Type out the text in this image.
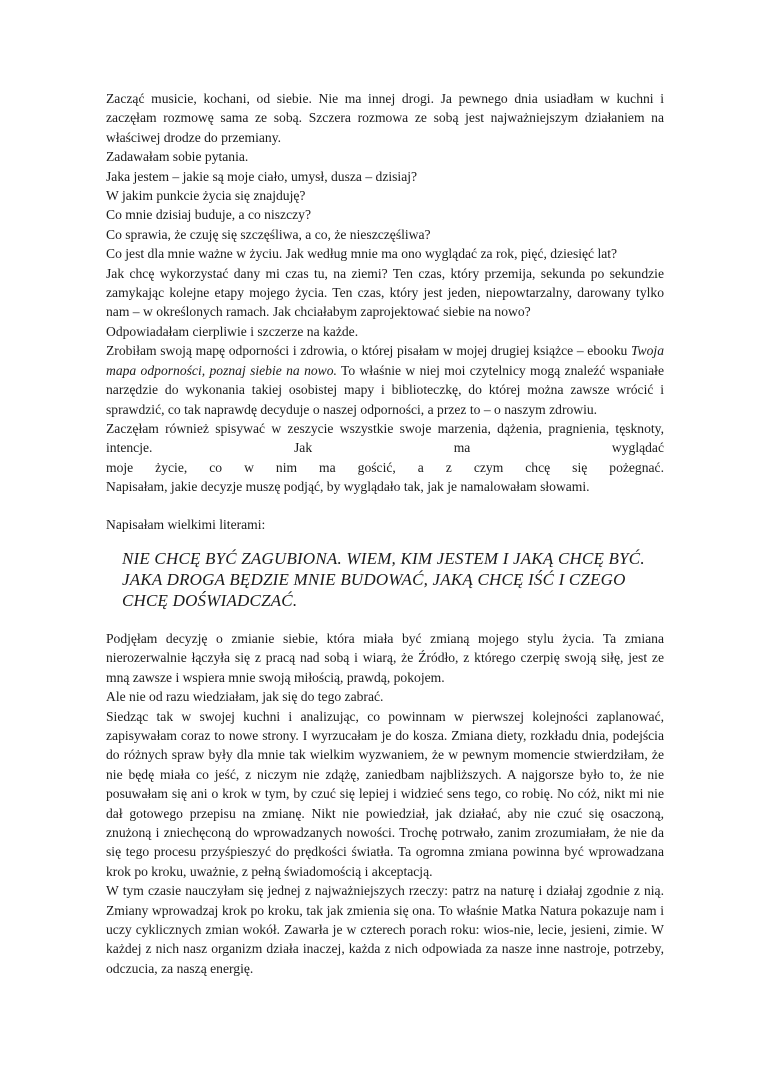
Zacząć musicie, kochani, od siebie. Nie ma innej drogi. Ja pewnego dnia usiadłam w kuchni i zaczęłam rozmowę sama ze sobą. Szczera rozmowa ze sobą jest najważniejszym działaniem na właściwej drodze do przemiany.

Zadawałam sobie pytania.

Jaka jestem – jakie są moje ciało, umysł, dusza – dzisiaj?

W jakim punkcie życia się znajduję?

Co mnie dzisiaj buduje, a co niszczy?

Co sprawia, że czuję się szczęśliwa, a co, że nieszczęśliwa?

Co jest dla mnie ważne w życiu. Jak według mnie ma ono wyglądać za rok, pięć, dziesięć lat?

Jak chcę wykorzystać dany mi czas tu, na ziemi? Ten czas, który przemija, sekunda po sekundzie zamykając kolejne etapy mojego życia. Ten czas, który jest jeden, niepowtarzalny, darowany tylko nam – w określonych ramach. Jak chciałabym zaprojektować siebie na nowo?

Odpowiadałam cierpliwie i szczerze na każde.

Zrobiłam swoją mapę odporności i zdrowia, o której pisałam w mojej drugiej książce – ebooku Twoja mapa odporności, poznaj siebie na nowo. To właśnie w niej moi czytelnicy mogą znaleźć wspaniałe narzędzie do wykonania takiej osobistej mapy i biblioteczkę, do której można zawsze wrócić i sprawdzić, co tak naprawdę decyduje o naszej odporności, a przez to – o naszym zdrowiu.

Zaczęłam również spisywać w zeszycie wszystkie swoje marzenia, dążenia, pragnienia, tęsknoty, intencje. Jak ma wyglądać

moje życie, co w nim ma gościć, a z czym chcę się pożegnać.

Napisałam, jakie decyzje muszę podjąć, by wyglądało tak, jak je namalowałam słowami.

Napisałam wielkimi literami:

NIE CHCĘ BYĆ ZAGUBIONA. WIEM, KIM JESTEM I JAKĄ CHCĘ BYĆ.
JAKA DROGA BĘDZIE MNIE BUDOWAĆ, JAKĄ CHCĘ IŚĆ I CZEGO
CHCĘ DOŚWIADCZAĆ.

Podjęłam decyzję o zmianie siebie, która miała być zmianą mojego stylu życia. Ta zmiana nierozerwalnie łączyła się z pracą nad sobą i wiarą, że Źródło, z którego czerpię swoją siłę, jest ze mną zawsze i wspiera mnie swoją miłością, prawdą, pokojem.

Ale nie od razu wiedziałam, jak się do tego zabrać.

Siedząc tak w swojej kuchni i analizując, co powinnam w pierwszej kolejności zaplanować, zapisywałam coraz to nowe strony. I wyrzucałam je do kosza. Zmiana diety, rozkładu dnia, podejścia do różnych spraw były dla mnie tak wielkim wyzwaniem, że w pewnym momencie stwierdziłam, że nie będę miała co jeść, z niczym nie zdążę, zaniedbam najbliższych. A najgorsze było to, że nie posuwałam się ani o krok w tym, by czuć się lepiej i widzieć sens tego, co robię. No cóż, nikt mi nie dał gotowego przepisu na zmianę. Nikt nie powiedział, jak działać, aby nie czuć się osaczoną, znużoną i zniechęconą do wprowadzanych nowości. Trochę potrwało, zanim zrozumiałam, że nie da się tego procesu przyśpieszyć do prędkości światła. Ta ogromna zmiana powinna być wprowadzana krok po kroku, uważnie, z pełną świadomością i akceptacją.

W tym czasie nauczyłam się jednej z najważniejszych rzeczy: patrz na naturę i działaj zgodnie z nią. Zmiany wprowadzaj krok po kroku, tak jak zmienia się ona. To właśnie Matka Natura pokazuje nam i uczy cyklicznych zmian wokół. Zawarła je w czterech porach roku: wios-nie, lecie, jesieni, zimie. W każdej z nich nasz organizm działa inaczej, każda z nich odpowiada za nasze inne nastroje, potrzeby, odczucia, za naszą energię.
